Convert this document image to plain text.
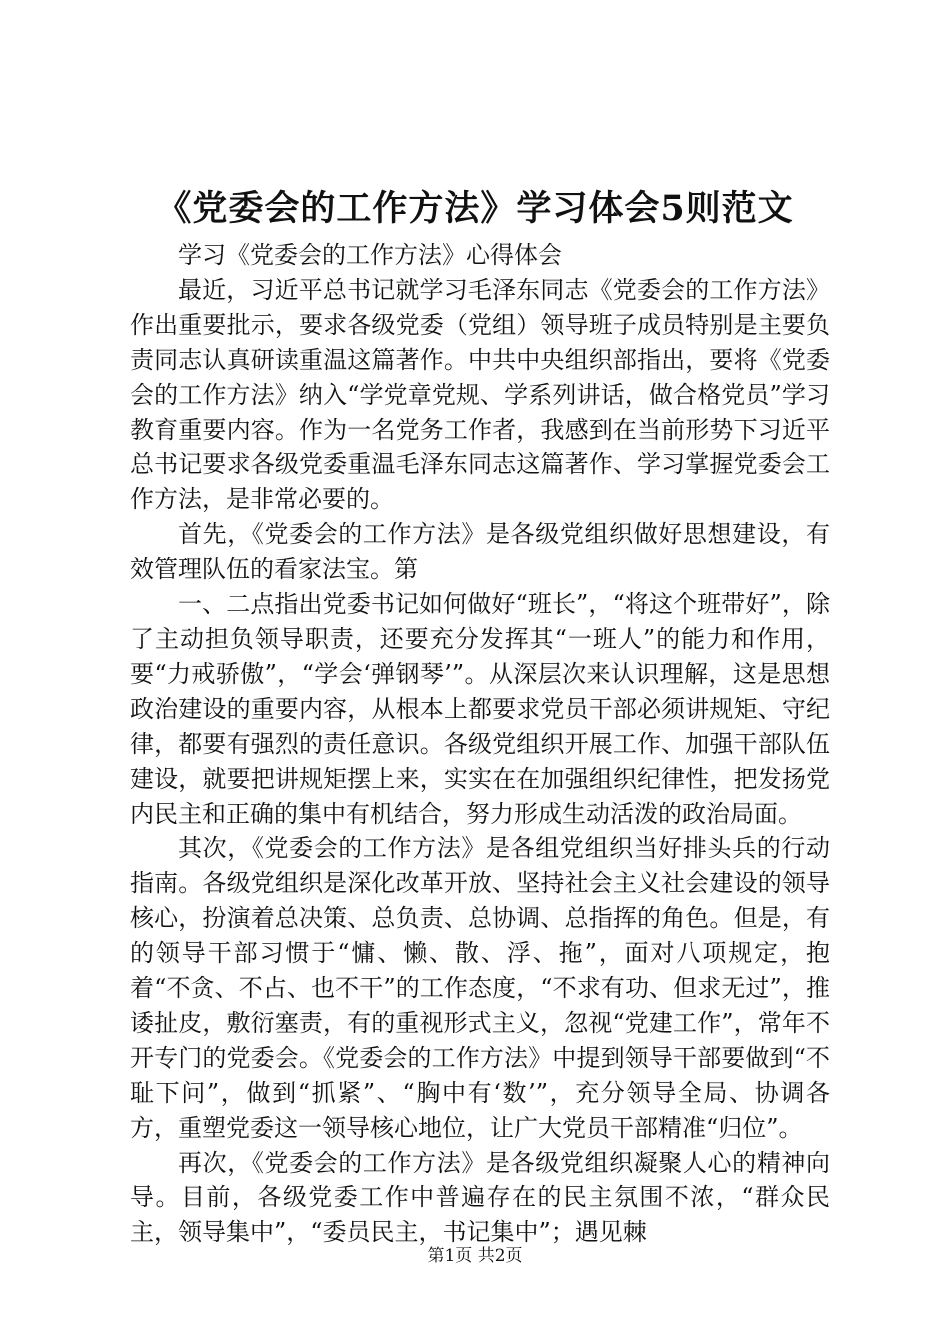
《党委会的工作方法》学习体会5则范文

学习《党委会的工作方法》心得体会

最近，习近平总书记就学习毛泽东同志《党委会的工作方法》作出重要批示，要求各级党委（党组）领导班子成员特别是主要负责同志认真研读重温这篇著作。中共中央组织部指出，要将《党委会的工作方法》纳入“学党章党规、学系列讲话，做合格党员”学习教育重要内容。作为一名党务工作者，我感到在当前形势下习近平总书记要求各级党委重温毛泽东同志这篇著作、学习掌握党委会工作方法，是非常必要的。

首先，《党委会的工作方法》是各级党组织做好思想建设，有效管理队伍的看家法宝。第

一、二点指出党委书记如何做好“班长”，“将这个班带好”，除了主动担负领导职责，还要充分发挥其“一班人”的能力和作用，要“力戒骄傲”，“学会‘弹钢琴’”。从深层次来认识理解，这是思想政治建设的重要内容，从根本上都要求党员干部必须讲规矩、守纪律，都要有强烈的责任意识。各级党组织开展工作、加强干部队伍建设，就要把讲规矩摆上来，实实在在加强组织纪律性，把发扬党内民主和正确的集中有机结合，努力形成生动活泼的政治局面。

其次，《党委会的工作方法》是各组党组织当好排头兵的行动指南。各级党组织是深化改革开放、坚持社会主义社会建设的领导核心，扮演着总决策、总负责、总协调、总指挥的角色。但是，有的领导干部习惯于“慵、懒、散、浮、拖”，面对八项规定，抱着“不贪、不占、也不干”的工作态度，“不求有功、但求无过”，推诿扯皮，敷衍塞责，有的重视形式主义，忽视“党建工作”，常年不开专门的党委会。《党委会的工作方法》中提到领导干部要做到“不耻下问”，做到“抓紧”、“胸中有‘数’”，充分领导全局、协调各方，重塑党委这一领导核心地位，让广大党员干部精准“归位”。

再次，《党委会的工作方法》是各级党组织凝聚人心的精神向导。目前，各级党委工作中普遍存在的民主氛围不浓，“群众民主，领导集中”，“委员民主，书记集中”；遇见棘

第1页 共2页
